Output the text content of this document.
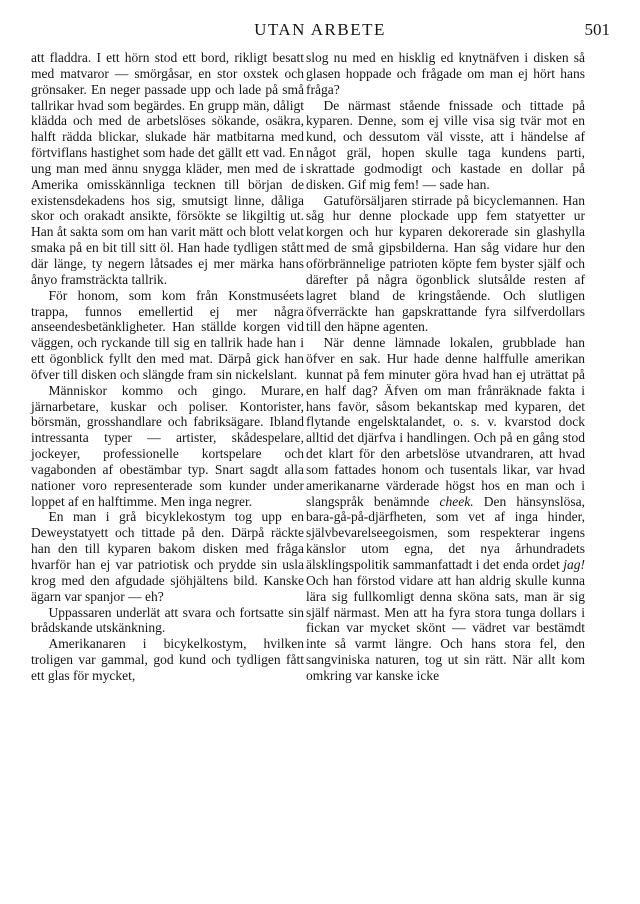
UTAN ARBETE	501

att fladdra. I ett hörn stod ett bord, rikligt besatt med matvaror — smörgåsar, en stor oxstek och grönsaker. En neger passade upp och lade på små tallrikar hvad som begärdes. En grupp män, dåligt klädda och med de arbetslöses sökande, osäkra, halft rädda blickar, slukade här matbitarna med förtviflans hastighet som hade det gällt ett vad. En ung man med ännu snygga kläder, men med de i Amerika omisskännliga tecknen till början de existensdekadens hos sig, smutsigt linne, dåliga skor och orakadt ansikte, försökte se likgiltig ut. Han åt sakta som om han varit mätt och blott velat smaka på en bit till sitt öl. Han hade tydligen stått där länge, ty negern låtsades ej mer märka hans ånyo framsträckta tallrik.

För honom, som kom från Konstmuséets trappa, funnos emellertid ej mer några anseendesbetänkligheter. Han ställde korgen vid väggen, och ryckande till sig en tallrik hade han i ett ögonblick fyllt den med mat. Därpå gick han öfver till disken och slängde fram sin nickelslant.

Människor kommo och gingo. Murare, järnarbetare, kuskar och poliser. Kontorister, börsmän, grosshandlare och fabriksägare. Ibland intressanta typer — artister, skådespelare, jockeyer, professionelle kortspelare och vagabonden af obestämbar typ. Snart sagdt alla nationer voro representerade som kunder under loppet af en halftimme. Men inga negrer.

En man i grå bicyklekostym tog upp en Deweystatyett och tittade på den. Därpå räckte han den till kyparen bakom disken med fråga hvarför han ej var patriotisk och prydde sin usla krog med den afgudade sjöhjältens bild. Kanske ägarn var spanjor — eh?

Uppassaren underlät att svara och fortsatte sin brådskande utskänkning.

Amerikanaren i bicykelkostym, hvilken troligen var gammal, god kund och tydligen fått ett glas för mycket,

slog nu med en hisklig ed knytnäfven i disken så glasen hoppade och frågade om man ej hört hans fråga?

De närmast stående fnissade och tittade på kyparen. Denne, som ej ville visa sig tvär mot en kund, och dessutom väl visste, att i händelse af något gräl, hopen skulle taga kundens parti, skrattade godmodigt och kastade en dollar på disken. Gif mig fem! — sade han.

Gatuförsäljaren stirrade på bicyclemannen. Han såg hur denne plockade upp fem statyetter ur korgen och hur kyparen dekorerade sin glashylla med de små gipsbilderna. Han såg vidare hur den oförbrännelige patrioten köpte fem byster själf och därefter på några ögonblick slutsålde resten af lagret bland de kringstående. Och slutligen öfverräckte han gapskrattande fyra silfverdollars till den häpne agenten.

När denne lämnade lokalen, grubblade han öfver en sak. Hur hade denne halffulle amerikan kunnat på fem minuter göra hvad han ej uträttat på en half dag? Äfven om man frånräknade fakta i hans favör, såsom bekantskap med kyparen, det flytande engelsktalandet, o. s. v. kvarstod dock alltid det djärfva i handlingen. Och på en gång stod det klart för den arbetslöse utvandraren, att hvad som fattades honom och tusentals likar, var hvad amerikanarne värderade högst hos en man och i slangspråk benämnde cheek. Den hänsynslösa, bara-gå-på-djärfheten, som vet af inga hinder, självbevarelseegoismen, som respekterar ingens känslor utom egna, det nya århundradets älsklingspolitik sammanfattadt i det enda ordet jag! Och han förstod vidare att han aldrig skulle kunna lära sig fullkomligt denna sköna sats, man är sig själf närmast. Men att ha fyra stora tunga dollars i fickan var mycket skönt — vädret var bestämdt inte så varmt längre. Och hans stora fel, den sangviniska naturen, tog ut sin rätt. När allt kom omkring var kanske icke
